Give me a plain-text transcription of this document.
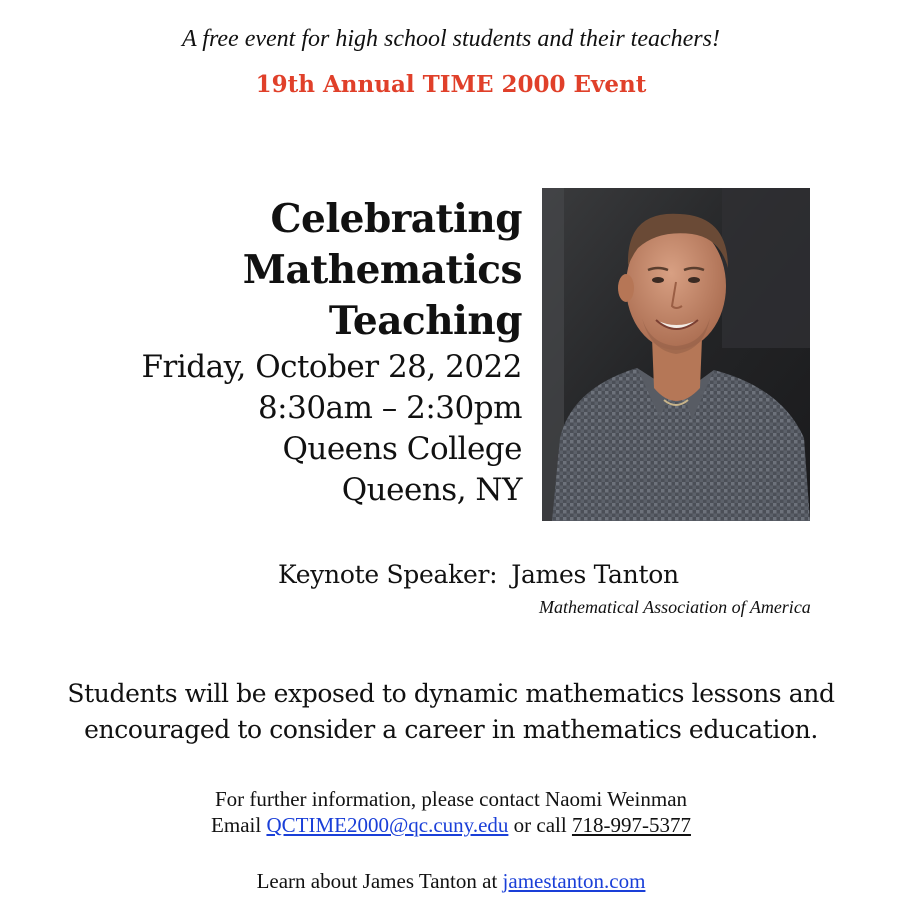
A free event for high school students and their teachers!
19th Annual TIME 2000 Event
Celebrating
Mathematics
Teaching
Friday, October 28, 2022
8:30am – 2:30pm
Queens College
Queens, NY
Keynote Speaker: James Tanton
Mathematical Association of America
Students will be exposed to dynamic mathematics lessons and
encouraged to consider a career in mathematics education.
For further information, please contact Naomi Weinman
Email QCTIME2000@qc.cuny.edu or call 718-997-5377
Learn about James Tanton at jamestanton.com
